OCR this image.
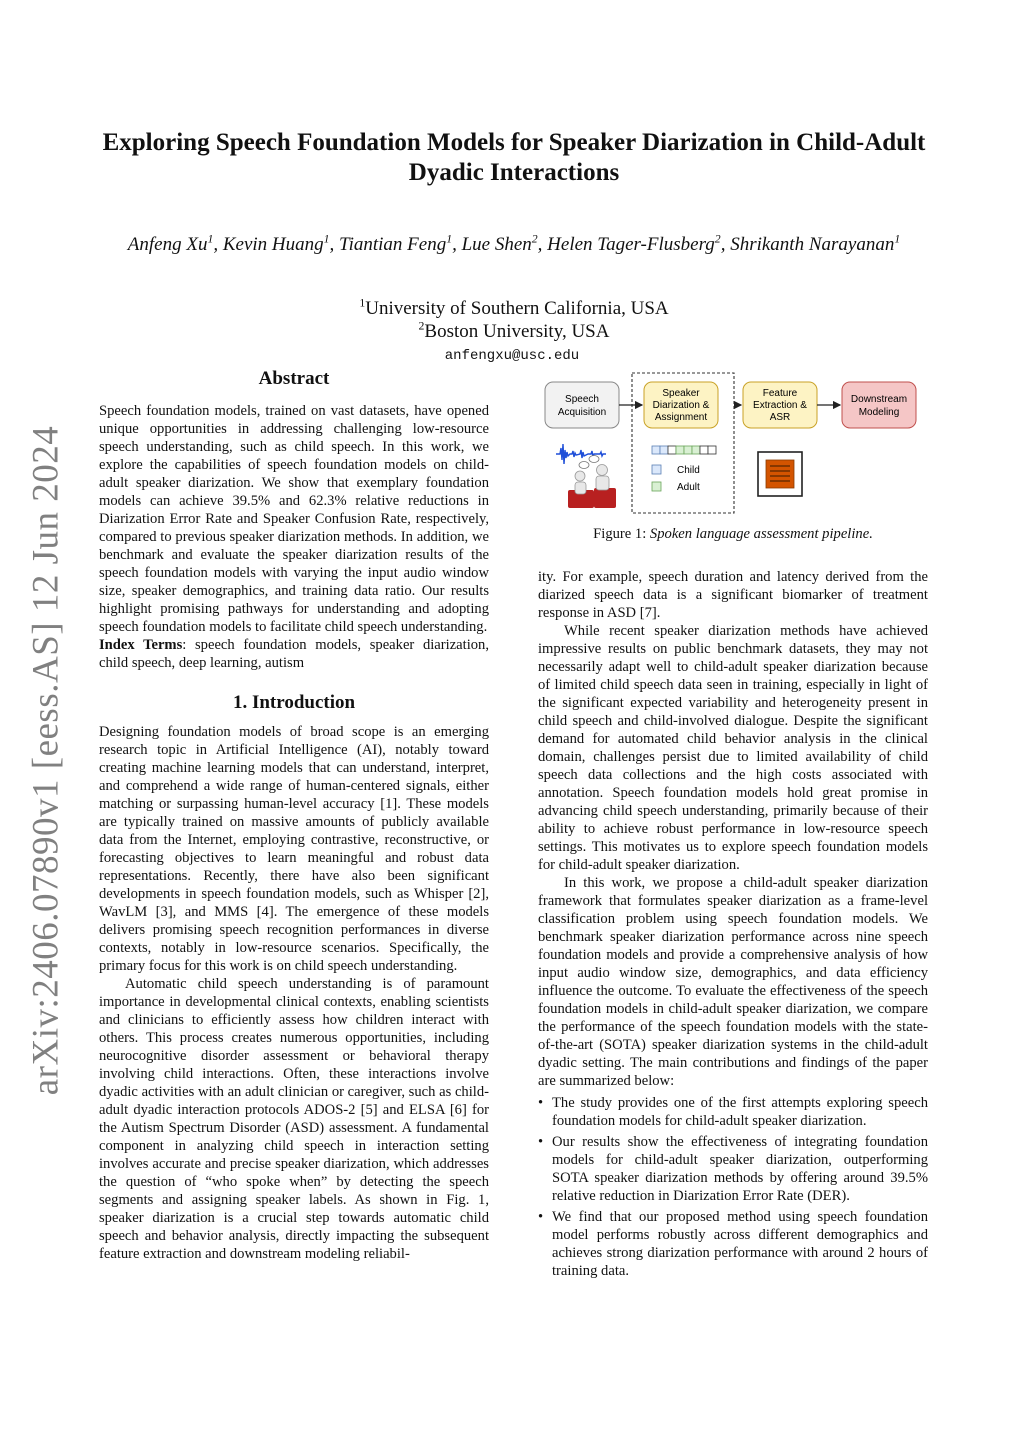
arXiv:2406.07890v1 [eess.AS] 12 Jun 2024
Exploring Speech Foundation Models for Speaker Diarization in Child-Adult Dyadic Interactions
Anfeng Xu$^1$, Kevin Huang$^1$, Tiantian Feng$^1$, Lue Shen$^2$, Helen Tager-Flusberg$^2$, Shrikanth Narayanan$^1$
$^1$University of Southern California, USA
$^2$Boston University, USA
anfengxu@usc.edu
Abstract

Speech foundation models, trained on vast datasets, have opened unique opportunities in addressing challenging low-resource speech understanding, such as child speech. In this work, we explore the capabilities of speech foundation models on child-adult speaker diarization. We show that exemplary foundation models can achieve 39.5% and 62.3% relative reductions in Diarization Error Rate and Speaker Confusion Rate, respectively, compared to previous speaker diarization methods. In addition, we benchmark and evaluate the speaker diarization results of the speech foundation models with varying the input audio window size, speaker demographics, and training data ratio. Our results highlight promising pathways for understanding and adopting speech foundation models to facilitate child speech understanding.

Index Terms: speech foundation models, speaker diarization, child speech, deep learning, autism

1. Introduction

Designing foundation models of broad scope is an emerging research topic in Artificial Intelligence (AI), notably toward creating machine learning models that can understand, interpret, and comprehend a wide range of human-centered signals, either matching or surpassing human-level accuracy [1]. These models are typically trained on massive amounts of publicly available data from the Internet, employing contrastive, reconstructive, or forecasting objectives to learn meaningful and robust data representations. Recently, there have also been significant developments in speech foundation models, such as Whisper [2], WavLM [3], and MMS [4]. The emergence of these models delivers promising speech recognition performances in diverse contexts, notably in low-resource scenarios. Specifically, the primary focus for this work is on child speech understanding.

Automatic child speech understanding is of paramount importance in developmental clinical contexts, enabling scientists and clinicians to efficiently assess how children interact with others. This process creates numerous opportunities, including neurocognitive disorder assessment or behavioral therapy involving child interactions. Often, these interactions involve dyadic activities with an adult clinician or caregiver, such as child-adult dyadic interaction protocols ADOS-2 [5] and ELSA [6] for the Autism Spectrum Disorder (ASD) assessment. A fundamental component in analyzing child speech in interaction setting involves accurate and precise speaker diarization, which addresses the question of “who spoke when” by detecting the speech segments and assigning speaker labels. As shown in Fig. 1, speaker diarization is a crucial step towards automatic child speech and behavior analysis, directly impacting the subsequent feature extraction and downstream modeling reliabil-

Speech
Acquisition
Speaker
Diarization &
Assignment
Feature
Extraction &
ASR
Downstream
Modeling
Child
Adult
Figure 1: Spoken language assessment pipeline.

ity. For example, speech duration and latency derived from the diarized speech data is a significant biomarker of treatment response in ASD [7].

While recent speaker diarization methods have achieved impressive results on public benchmark datasets, they may not necessarily adapt well to child-adult speaker diarization because of limited child speech data seen in training, especially in light of the significant expected variability and heterogeneity present in child speech and child-involved dialogue. Despite the significant demand for automated child behavior analysis in the clinical domain, challenges persist due to limited availability of child speech data collections and the high costs associated with annotation. Speech foundation models hold great promise in advancing child speech understanding, primarily because of their ability to achieve robust performance in low-resource speech settings. This motivates us to explore speech foundation models for child-adult speaker diarization.

In this work, we propose a child-adult speaker diarization framework that formulates speaker diarization as a frame-level classification problem using speech foundation models. We benchmark speaker diarization performance across nine speech foundation models and provide a comprehensive analysis of how input audio window size, demographics, and data efficiency influence the outcome. To evaluate the effectiveness of the speech foundation models in child-adult speaker diarization, we compare the performance of the speech foundation models with the state-of-the-art (SOTA) speaker diarization systems in the child-adult dyadic setting. The main contributions and findings of the paper are summarized below:

• The study provides one of the first attempts exploring speech foundation models for child-adult speaker diarization.
• Our results show the effectiveness of integrating foundation models for child-adult speaker diarization, outperforming SOTA speaker diarization methods by offering around 39.5% relative reduction in Diarization Error Rate (DER).
• We find that our proposed method using speech foundation model performs robustly across different demographics and achieves strong diarization performance with around 2 hours of training data.
